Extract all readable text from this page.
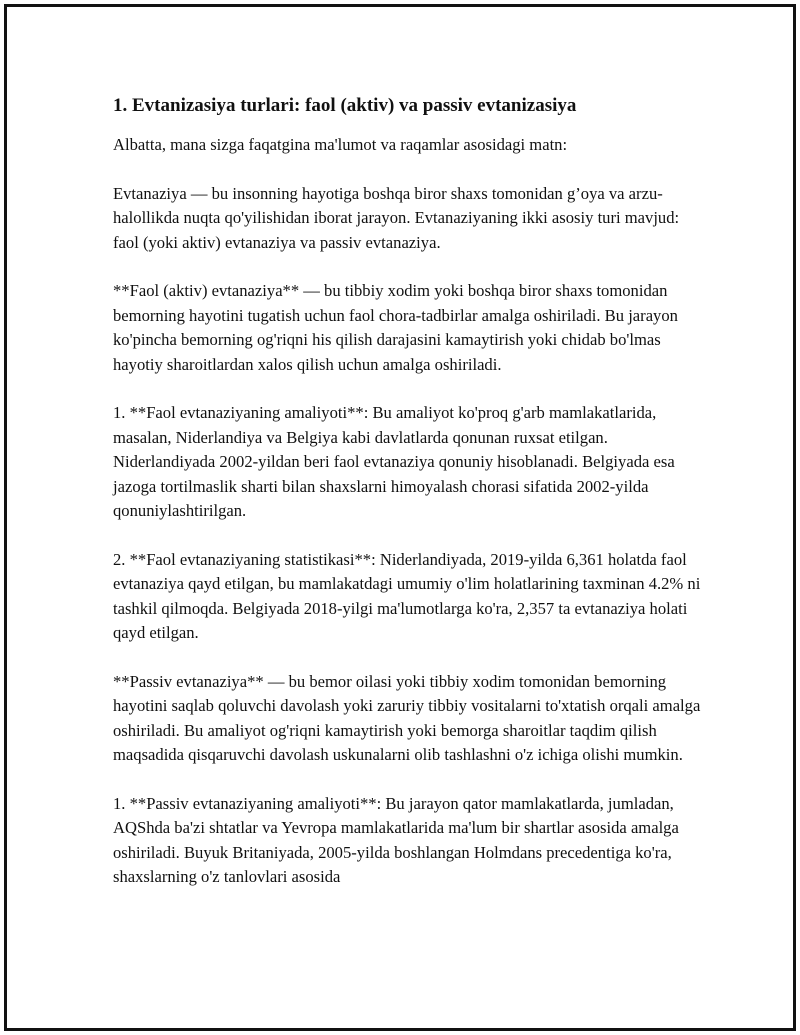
1. Evtanizasiya turlari: faol (aktiv) va passiv evtanizasiya

Albatta, mana sizga faqatgina ma'lumot va raqamlar asosidagi matn:

Evtanaziya — bu insonning hayotiga boshqa biror shaxs tomonidan g’oya va arzu-halollikda nuqta qo'yilishidan iborat jarayon. Evtanaziyaning ikki asosiy turi mavjud: faol (yoki aktiv) evtanaziya va passiv evtanaziya.

**Faol (aktiv) evtanaziya** — bu tibbiy xodim yoki boshqa biror shaxs tomonidan bemorning hayotini tugatish uchun faol chora-tadbirlar amalga oshiriladi. Bu jarayon ko'pincha bemorning og'riqni his qilish darajasini kamaytirish yoki chidab bo'lmas hayotiy sharoitlardan xalos qilish uchun amalga oshiriladi.

1. **Faol evtanaziyaning amaliyoti**: Bu amaliyot ko'proq g'arb mamlakatlarida, masalan, Niderlandiya va Belgiya kabi davlatlarda qonunan ruxsat etilgan. Niderlandiyada 2002-yildan beri faol evtanaziya qonuniy hisoblanadi. Belgiyada esa jazoga tortilmaslik sharti bilan shaxslarni himoyalash chorasi sifatida 2002-yilda qonuniylashtirilgan.

2. **Faol evtanaziyaning statistikasi**: Niderlandiyada, 2019-yilda 6,361 holatda faol evtanaziya qayd etilgan, bu mamlakatdagi umumiy o'lim holatlarining taxminan 4.2% ni tashkil qilmoqda. Belgiyada 2018-yilgi ma'lumotlarga ko'ra, 2,357 ta evtanaziya holati qayd etilgan.

**Passiv evtanaziya** — bu bemor oilasi yoki tibbiy xodim tomonidan bemorning hayotini saqlab qoluvchi davolash yoki zaruriy tibbiy vositalarni to'xtatish orqali amalga oshiriladi. Bu amaliyot og'riqni kamaytirish yoki bemorga sharoitlar taqdim qilish maqsadida qisqaruvchi davolash uskunalarni olib tashlashni o'z ichiga olishi mumkin.

1. **Passiv evtanaziyaning amaliyoti**: Bu jarayon qator mamlakatlarda, jumladan, AQShda ba'zi shtatlar va Yevropa mamlakatlarida ma'lum bir shartlar asosida amalga oshiriladi. Buyuk Britaniyada, 2005-yilda boshlangan Holmdans precedentiga ko'ra, shaxslarning o'z tanlovlari asosida
